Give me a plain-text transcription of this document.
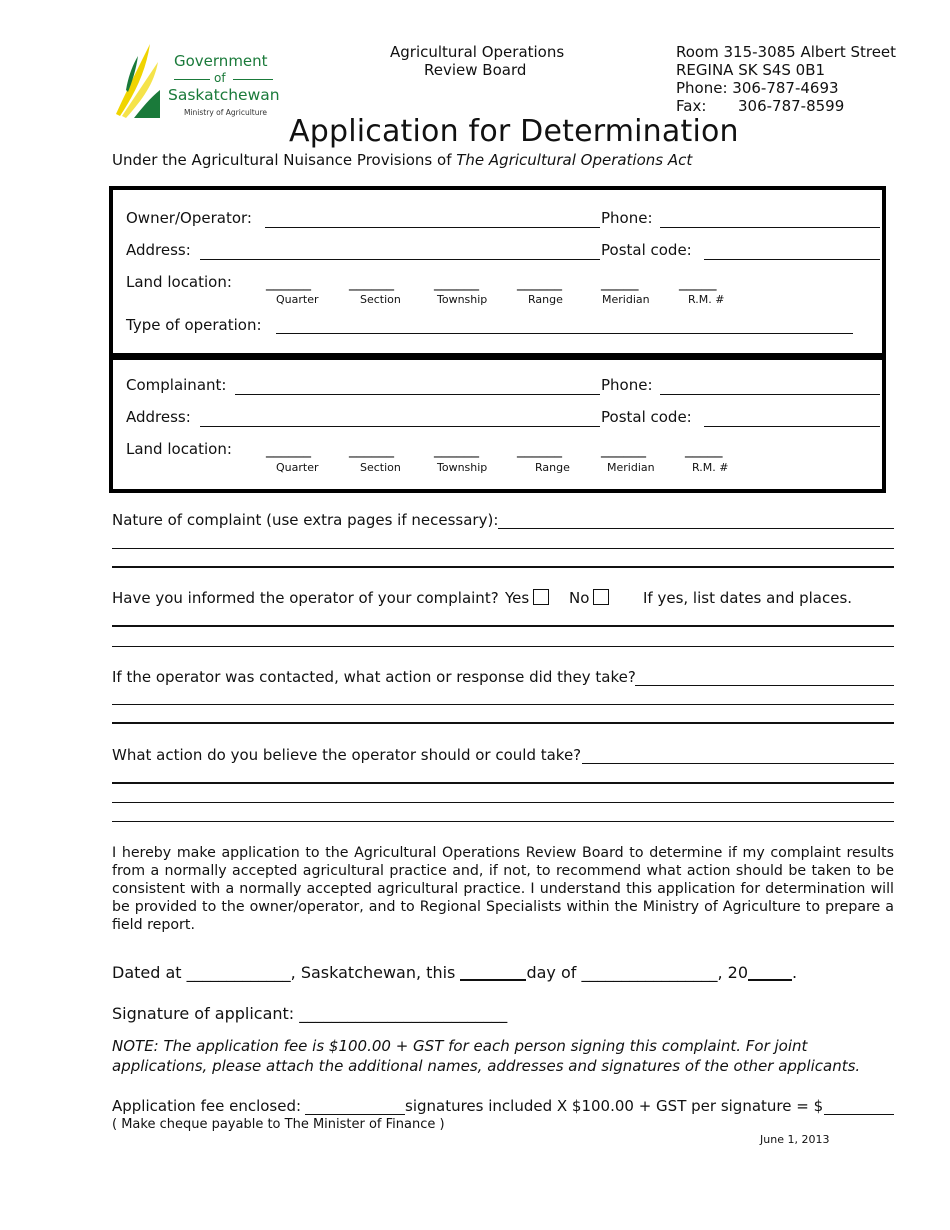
Government
of
Saskatchewan
Ministry of Agriculture
Agricultural Operations
Review Board
Room 315-3085 Albert Street
REGINA SK S4S 0B1
Phone: 306-787-4693
Fax: 306-787-8599
Application for Determination
Under the Agricultural Nuisance Provisions of The Agricultural Operations Act
Owner/Operator:	Phone:
Address:	Postal code:
Land location: ______	______	______	______	_____	_____
Quarter	Section	Township	Range	Meridian	R.M. #
Type of operation:
Complainant:	Phone:
Address:	Postal code:
Land location: ______	______	______	______	______	_____
Quarter	Section	Township	Range	Meridian	R.M. #
Nature of complaint (use extra pages if necessary):
Have you informed the operator of your complaint? Yes	No	If yes, list dates and places.
If the operator was contacted, what action or response did they take?
What action do you believe the operator should or could take?
I hereby make application to the Agricultural Operations Review Board to determine if my complaint results from a normally accepted agricultural practice and, if not, to recommend what action should be taken to be consistent with a normally accepted agricultural practice. I understand this application for determination will be provided to the owner/operator, and to Regional Specialists within the Ministry of Agriculture to prepare a field report.
Dated at _____________, Saskatchewan, this	day of _________________, 20	.
Signature of applicant: __________________________
NOTE: The application fee is $100.00 + GST for each person signing this complaint. For joint applications, please attach the additional names, addresses and signatures of the other applicants.
Application fee enclosed:	signatures included X $100.00 + GST per signature = $
( Make cheque payable to The Minister of Finance )
June 1, 2013
